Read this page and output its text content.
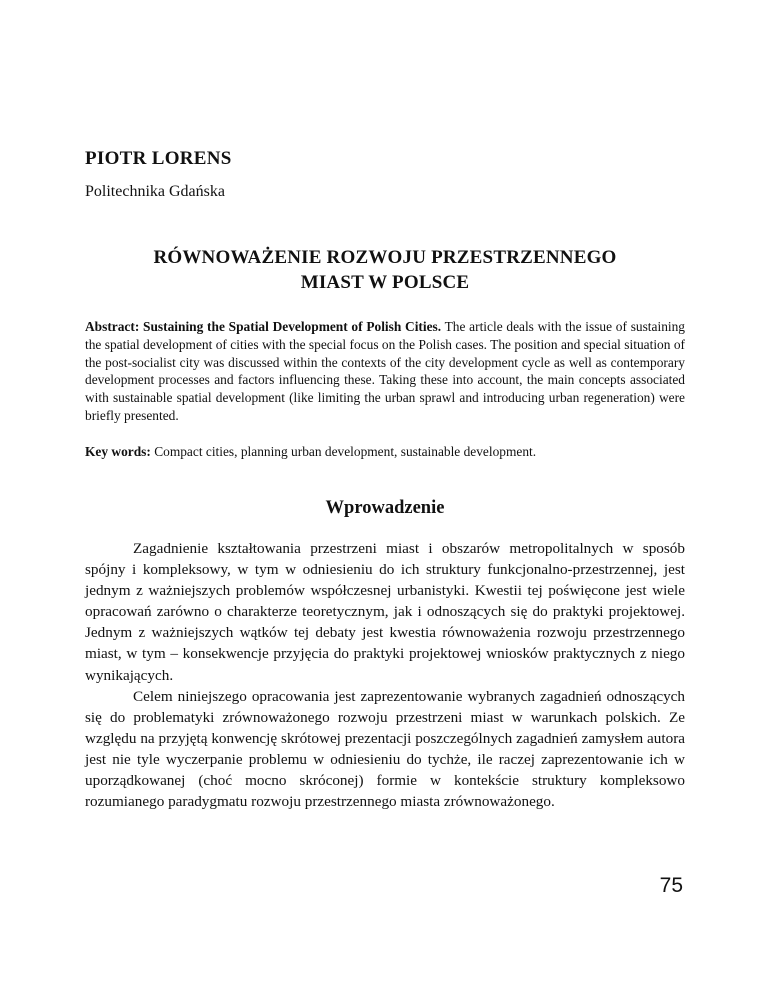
PIOTR LORENS

Politechnika Gdańska

RÓWNOWAŻENIE ROZWOJU PRZESTRZENNEGO
MIAST W POLSCE

Abstract: Sustaining the Spatial Development of Polish Cities. The article deals with the issue of sustaining the spatial development of cities with the special focus on the Polish cases. The position and special situation of the post-socialist city was discussed within the contexts of the city development cycle as well as contemporary development processes and factors influencing these. Taking these into account, the main concepts associated with sustainable spatial development (like limiting the urban sprawl and introducing urban regeneration) were briefly presented.

Key words: Compact cities, planning urban development, sustainable development.

Wprowadzenie

Zagadnienie kształtowania przestrzeni miast i obszarów metropolitalnych w sposób spójny i kompleksowy, w tym w odniesieniu do ich struktury funkcjonalno-przestrzennej, jest jednym z ważniejszych problemów współczesnej urbanistyki. Kwestii tej poświęcone jest wiele opracowań zarówno o charakterze teoretycznym, jak i odnoszących się do praktyki projektowej. Jednym z ważniejszych wątków tej debaty jest kwestia równoważenia rozwoju przestrzennego miast, w tym – konsekwencje przyjęcia do praktyki projektowej wniosków praktycznych z niego wynikających.

Celem niniejszego opracowania jest zaprezentowanie wybranych zagadnień odnoszących się do problematyki zrównoważonego rozwoju przestrzeni miast w warunkach polskich. Ze względu na przyjętą konwencję skrótowej prezentacji poszczególnych zagadnień zamysłem autora jest nie tyle wyczerpanie problemu w odniesieniu do tychże, ile raczej zaprezentowanie ich w uporządkowanej (choć mocno skróconej) formie w kontekście struktury kompleksowo rozumianego paradygmatu rozwoju przestrzennego miasta zrównoważonego.

75
